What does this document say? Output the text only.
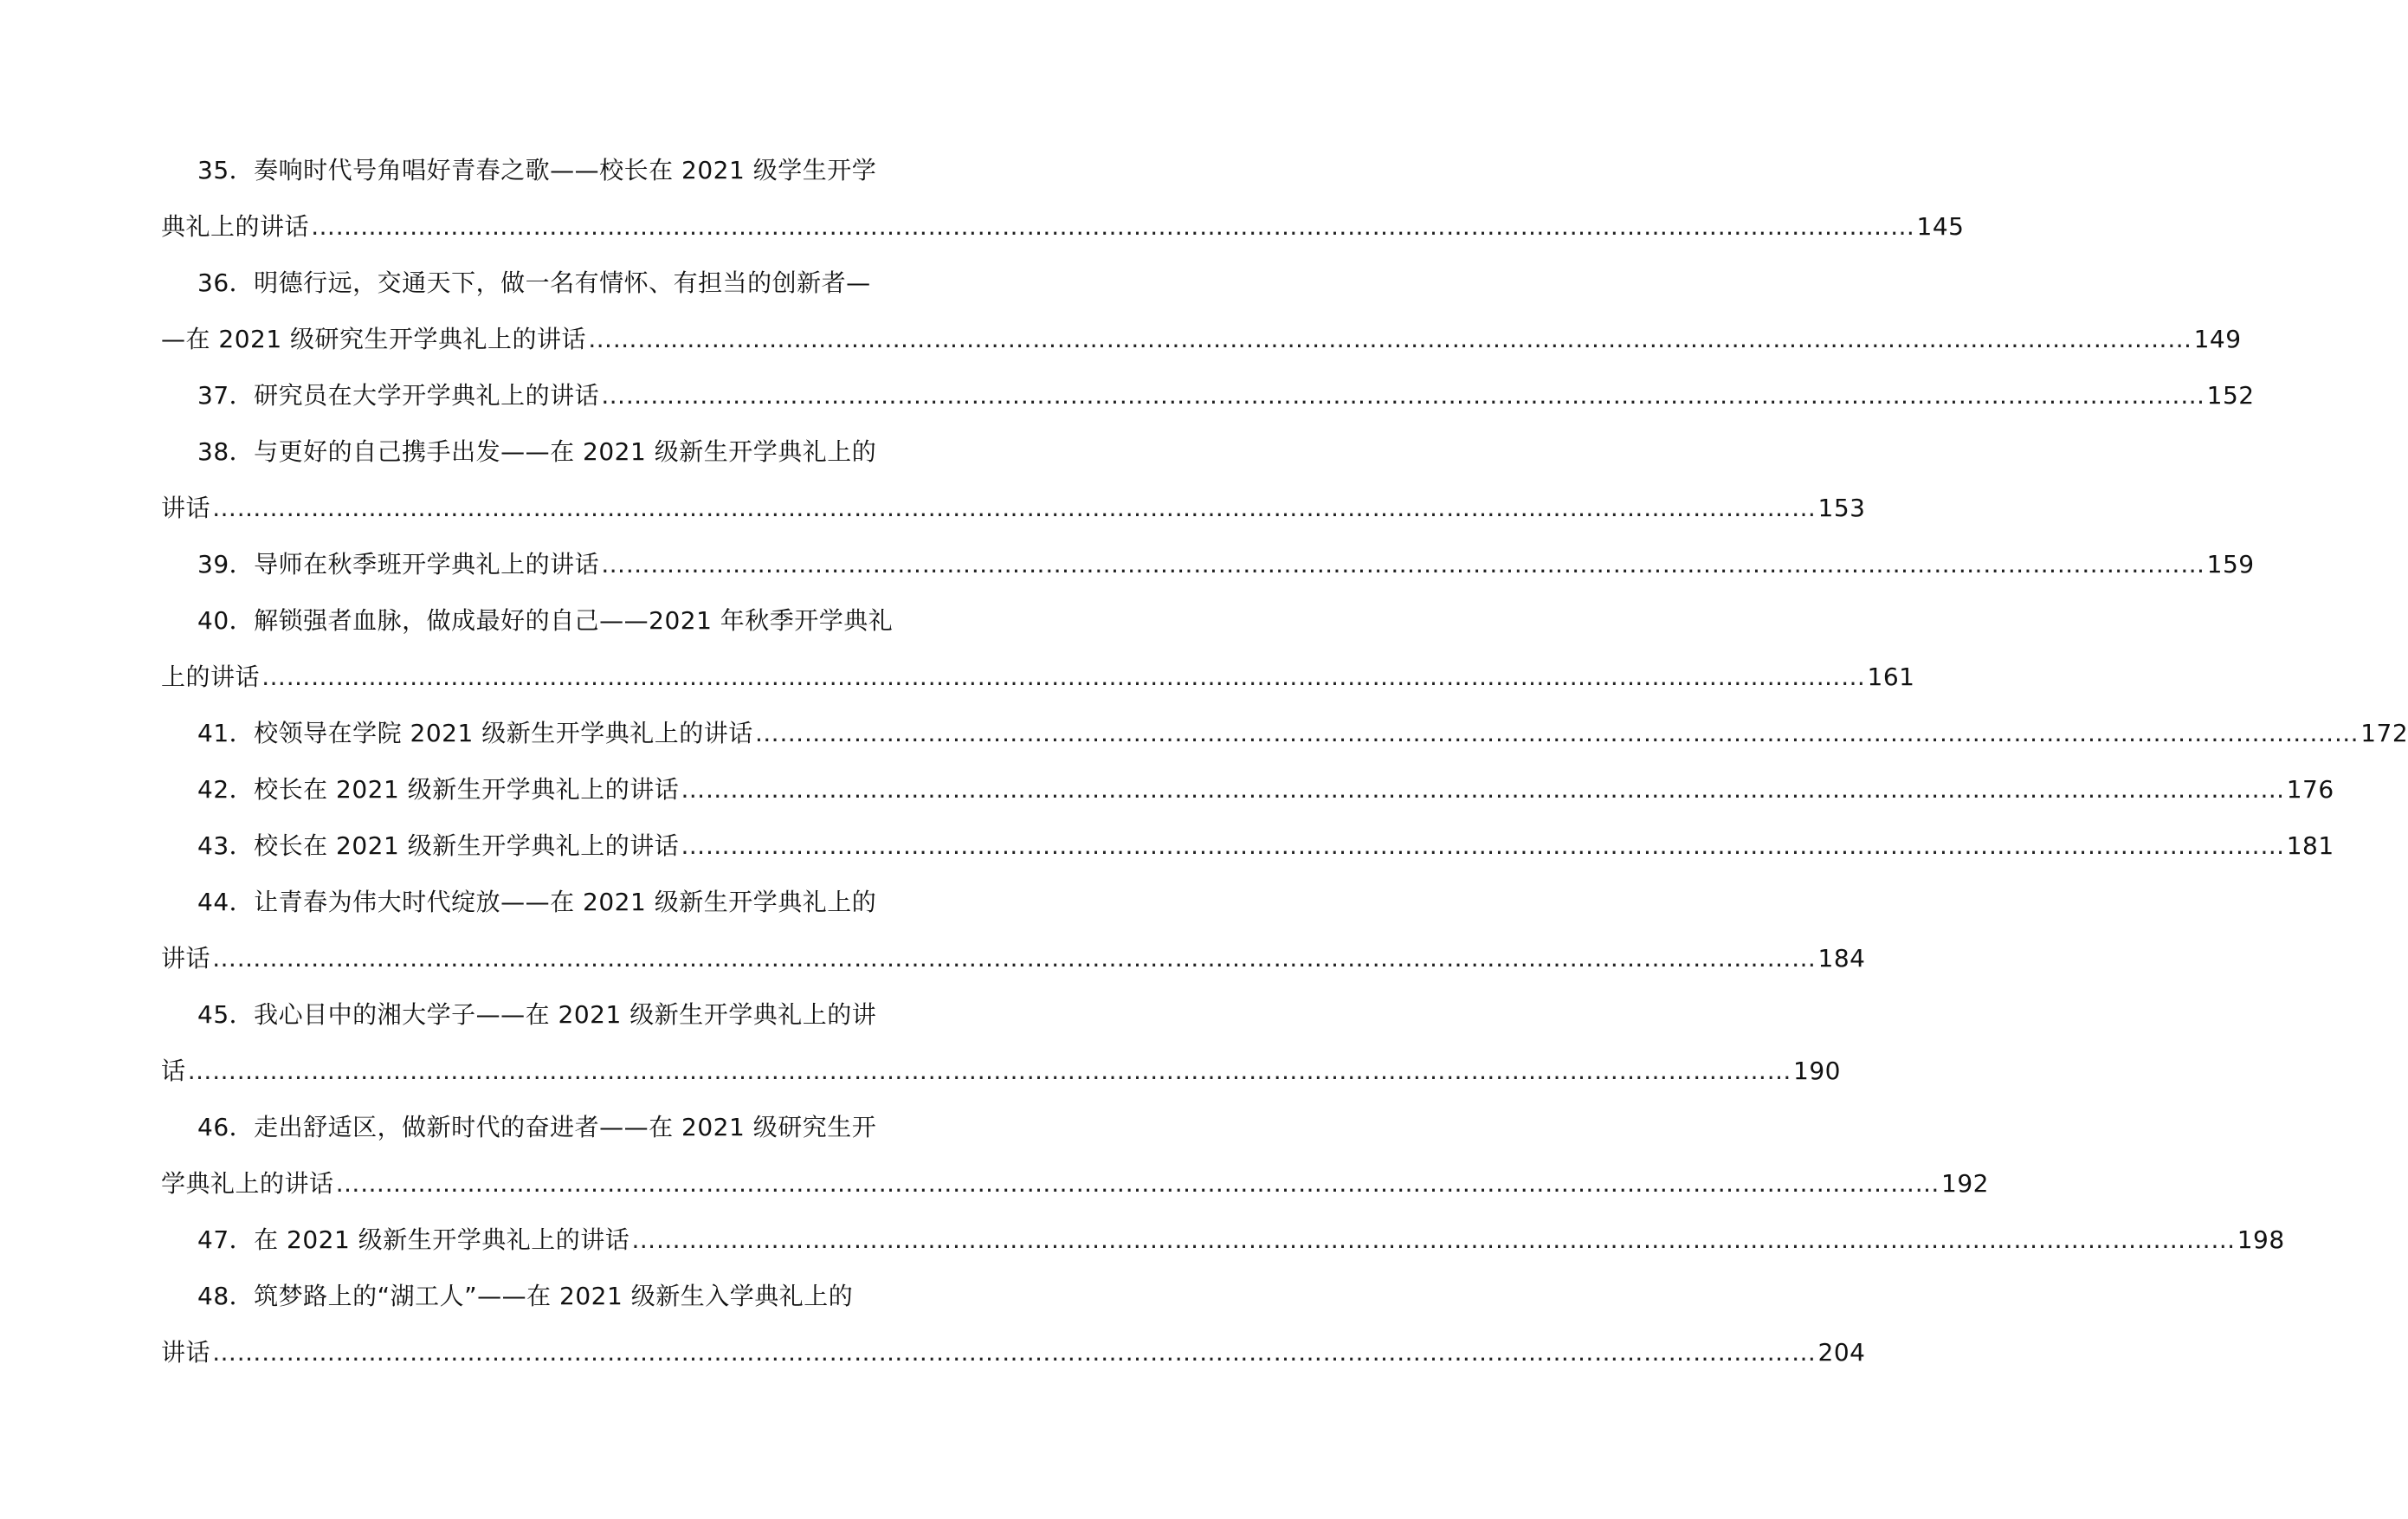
35 ．奏响时代号角唱好青春之歌——校长在 2021 级学生开学
典礼上的讲话 …………………………………………………………………………………………………………………………………………………………………………… 145
36 ．明德行远，交通天下，做一名有情怀、有担当的创新者—
—在 2021 级研究生开学典礼上的讲话 …………………………………………………………………………………………………………………………………………………………………………… 149
37．研究员在大学开学典礼上的讲话 …………………………………………………………………………………………………………………………………………………………………………… 152
38 ．与更好的自己携手出发——在 2021 级新生开学典礼上的
讲话 …………………………………………………………………………………………………………………………………………………………………………… 153
39．导师在秋季班开学典礼上的讲话 …………………………………………………………………………………………………………………………………………………………………………… 159
40 ．解锁强者血脉，做成最好的自己——2021 年秋季开学典礼
上的讲话 …………………………………………………………………………………………………………………………………………………………………………… 161
41．校领导在学院 2021 级新生开学典礼上的讲话 …………………………………………………………………………………………………………………………………………………………………………… 172
42．校长在 2021 级新生开学典礼上的讲话 …………………………………………………………………………………………………………………………………………………………………………… 176
43．校长在 2021 级新生开学典礼上的讲话 …………………………………………………………………………………………………………………………………………………………………………… 181
44 ．让青春为伟大时代绽放——在 2021 级新生开学典礼上的
讲话 …………………………………………………………………………………………………………………………………………………………………………… 184
45 ．我心目中的湘大学子——在 2021 级新生开学典礼上的讲
话 …………………………………………………………………………………………………………………………………………………………………………… 190
46 ．走出舒适区，做新时代的奋进者——在 2021 级研究生开
学典礼上的讲话 …………………………………………………………………………………………………………………………………………………………………………… 192
47．在 2021 级新生开学典礼上的讲话 …………………………………………………………………………………………………………………………………………………………………………… 198
48 ．筑梦路上的“湖工人”——在 2021 级新生入学典礼上的
讲话 …………………………………………………………………………………………………………………………………………………………………………… 204
